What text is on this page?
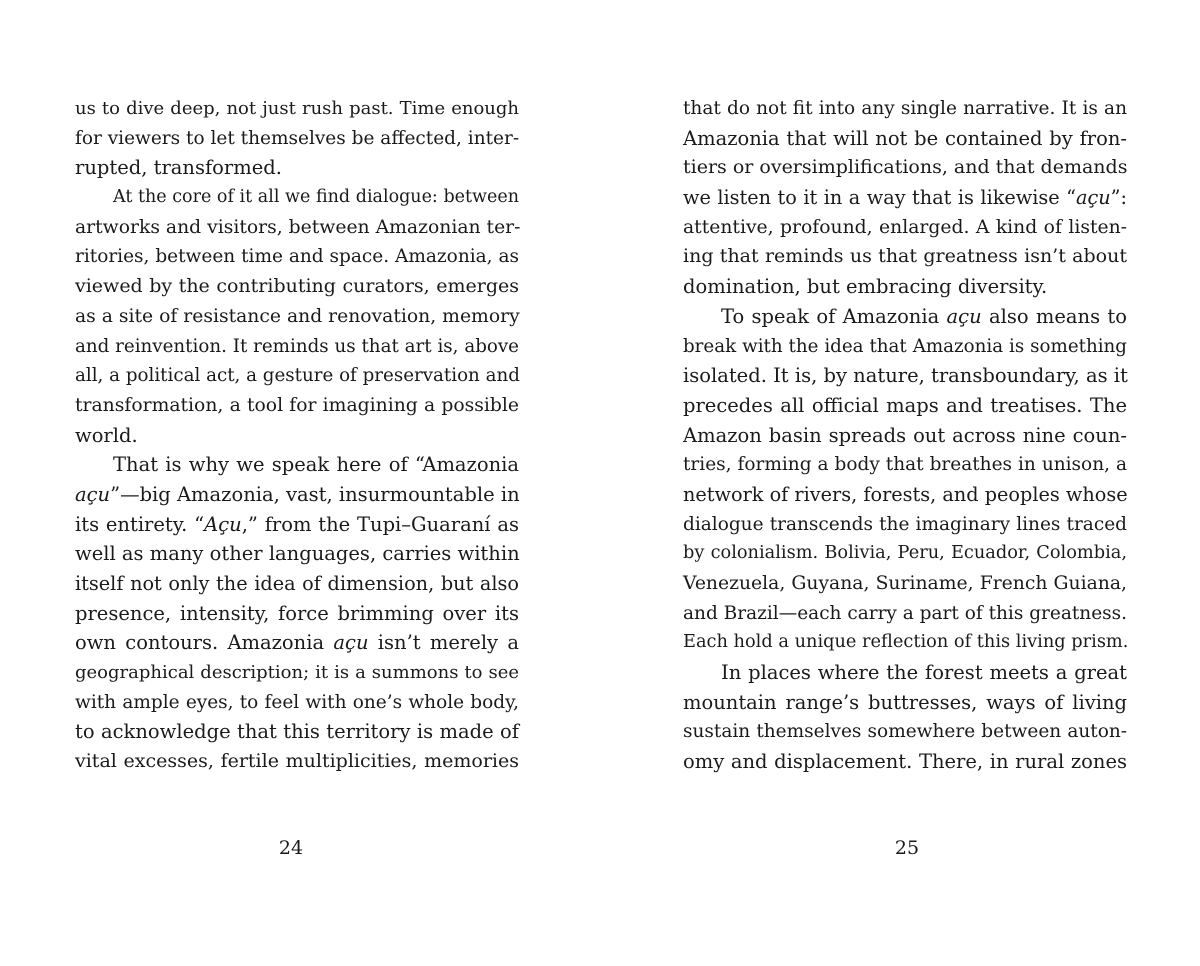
us to dive deep, not just rush past. Time enough
for viewers to let themselves be affected, inter-
rupted, transformed.
At the core of it all we find dialogue: between
artworks and visitors, between Amazonian ter-
ritories, between time and space. Amazonia, as
viewed by the contributing curators, emerges
as a site of resistance and renovation, memory
and reinvention. It reminds us that art is, above
all, a political act, a gesture of preservation and
transformation, a tool for imagining a possible
world.
That is why we speak here of “Amazonia
açu”—big Amazonia, vast, insurmountable in
its entirety. “Açu,” from the Tupi–Guaraní as
well as many other languages, carries within
itself not only the idea of dimension, but also
presence, intensity, force brimming over its
own contours. Amazonia açu isn’t merely a
geographical description; it is a summons to see
with ample eyes, to feel with one’s whole body,
to acknowledge that this territory is made of
vital excesses, fertile multiplicities, memories
24
that do not fit into any single narrative. It is an
Amazonia that will not be contained by fron-
tiers or oversimplifications, and that demands
we listen to it in a way that is likewise “açu”:
attentive, profound, enlarged. A kind of listen-
ing that reminds us that greatness isn’t about
domination, but embracing diversity.
To speak of Amazonia açu also means to
break with the idea that Amazonia is something
isolated. It is, by nature, transboundary, as it
precedes all official maps and treatises. The
Amazon basin spreads out across nine coun-
tries, forming a body that breathes in unison, a
network of rivers, forests, and peoples whose
dialogue transcends the imaginary lines traced
by colonialism. Bolivia, Peru, Ecuador, Colombia,
Venezuela, Guyana, Suriname, French Guiana,
and Brazil—each carry a part of this greatness.
Each hold a unique reflection of this living prism.
In places where the forest meets a great
mountain range’s buttresses, ways of living
sustain themselves somewhere between auton-
omy and displacement. There, in rural zones
25
